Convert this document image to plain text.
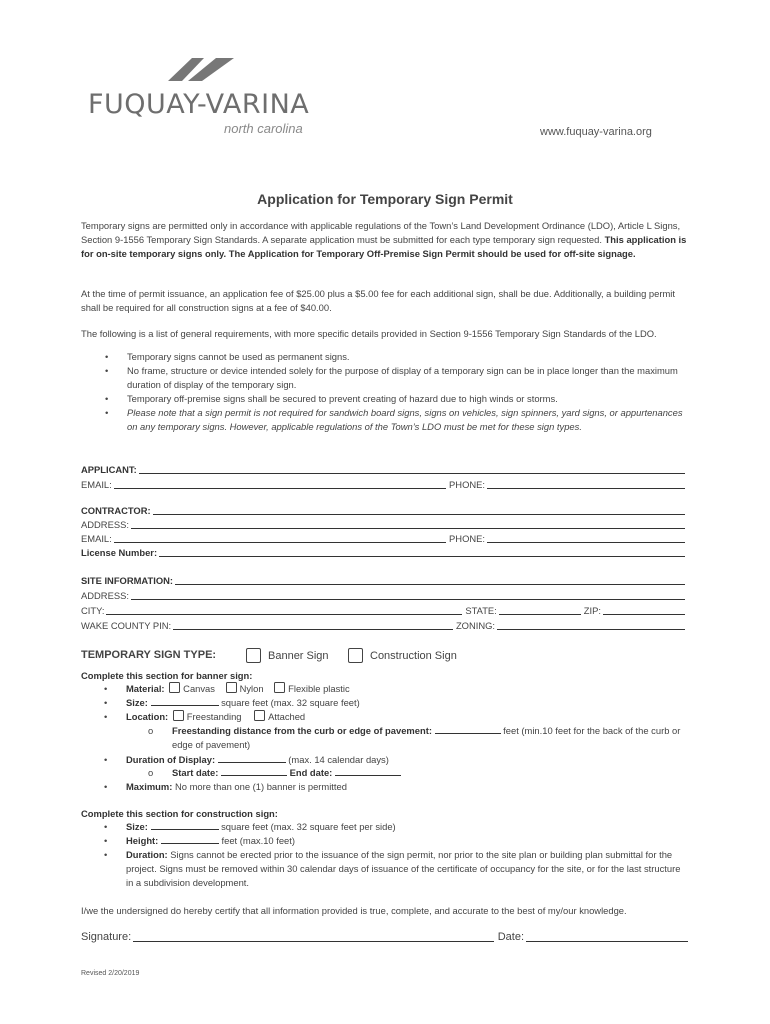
FUQUAY-VARINA
north carolina	www.fuquay-varina.org
Application for Temporary Sign Permit
Temporary signs are permitted only in accordance with applicable regulations of the Town’s Land Development Ordinance (LDO), Article L Signs, Section 9-1556 Temporary Sign Standards. A separate application must be submitted for each type temporary sign requested. This application is for on-site temporary signs only. The Application for Temporary Off-Premise Sign Permit should be used for off-site signage.
At the time of permit issuance, an application fee of $25.00 plus a $5.00 fee for each additional sign, shall be due. Additionally, a building permit shall be required for all construction signs at a fee of $40.00.
The following is a list of general requirements, with more specific details provided in Section 9-1556 Temporary Sign Standards of the LDO.
• Temporary signs cannot be used as permanent signs.
• No frame, structure or device intended solely for the purpose of display of a temporary sign can be in place longer than the maximum duration of display of the temporary sign.
• Temporary off-premise signs shall be secured to prevent creating of hazard due to high winds or storms.
• Please note that a sign permit is not required for sandwich board signs, signs on vehicles, sign spinners, yard signs, or appurtenances on any temporary signs. However, applicable regulations of the Town’s LDO must be met for these sign types.
APPLICANT:
EMAIL:	PHONE:
CONTRACTOR:
ADDRESS:
EMAIL:	PHONE:
License Number:
SITE INFORMATION:
ADDRESS:
CITY:	STATE:	ZIP:
WAKE COUNTY PIN:	ZONING:
TEMPORARY SIGN TYPE:	Banner Sign	Construction Sign
Complete this section for banner sign:
• Material: Canvas	Nylon	Flexible plastic
• Size:	square feet (max. 32 square feet)
• Location: Freestanding	Attached
o Freestanding distance from the curb or edge of pavement:	feet (min.10 feet for the back of the curb or edge of pavement)
• Duration of Display:	(max. 14 calendar days)
o Start date:	End date:
• Maximum: No more than one (1) banner is permitted
Complete this section for construction sign:
• Size:	square feet (max. 32 square feet per side)
• Height:	feet (max.10 feet)
• Duration: Signs cannot be erected prior to the issuance of the sign permit, nor prior to the site plan or building plan submittal for the project. Signs must be removed within 30 calendar days of issuance of the certificate of occupancy for the site, or for the last structure in a subdivision development.
I/we the undersigned do hereby certify that all information provided is true, complete, and accurate to the best of my/our knowledge.
Signature:	Date:
Revised 2/20/2019
